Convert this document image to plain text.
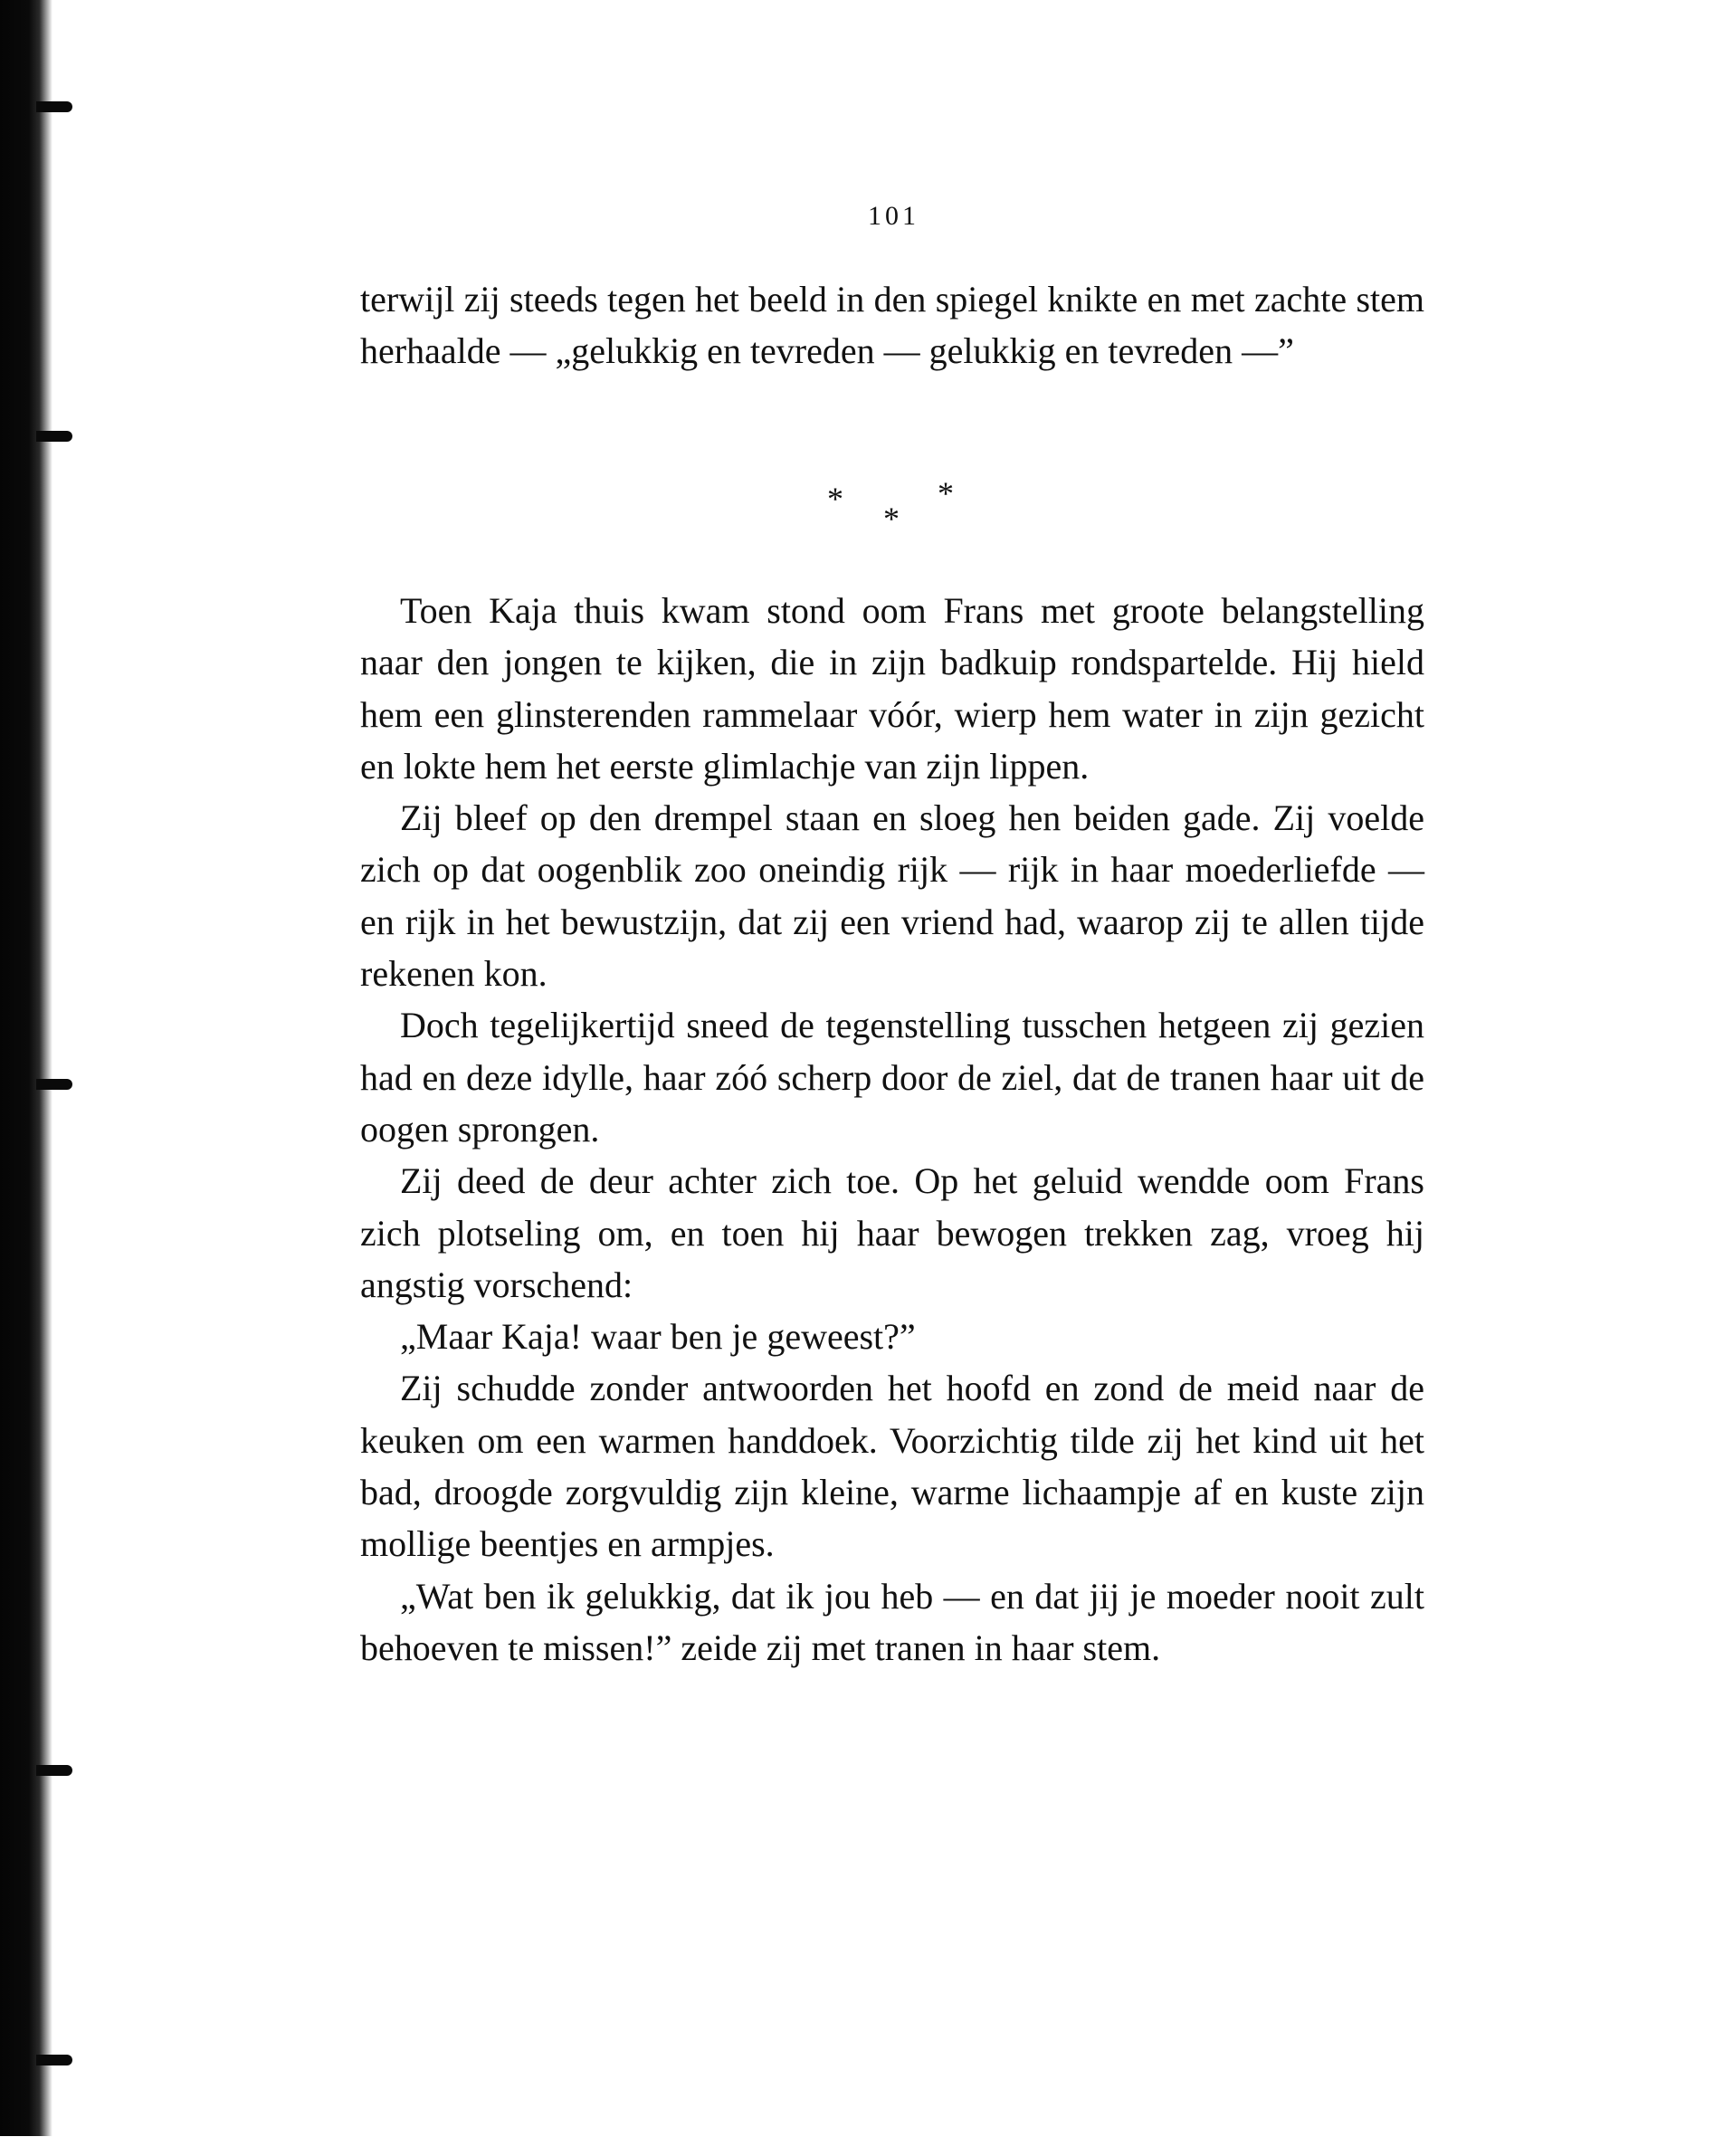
101

terwijl zij steeds tegen het beeld in den spiegel knikte en met zachte stem herhaalde — „gelukkig en tevreden — gelukkig en tevreden —”

*
*
*

Toen Kaja thuis kwam stond oom Frans met groote belangstelling naar den jongen te kijken, die in zijn badkuip rondspartelde. Hij hield hem een glinsterenden rammelaar vóór, wierp hem water in zijn gezicht en lokte hem het eerste glimlachje van zijn lippen.

Zij bleef op den drempel staan en sloeg hen beiden gade. Zij voelde zich op dat oogenblik zoo oneindig rijk — rijk in haar moederliefde — en rijk in het bewustzijn, dat zij een vriend had, waarop zij te allen tijde rekenen kon.

Doch tegelijkertijd sneed de tegenstelling tusschen hetgeen zij gezien had en deze idylle, haar zóó scherp door de ziel, dat de tranen haar uit de oogen sprongen.

Zij deed de deur achter zich toe. Op het geluid wendde oom Frans zich plotseling om, en toen hij haar bewogen trekken zag, vroeg hij angstig vorschend:

„Maar Kaja! waar ben je geweest?”

Zij schudde zonder antwoorden het hoofd en zond de meid naar de keuken om een warmen handdoek. Voorzichtig tilde zij het kind uit het bad, droogde zorgvuldig zijn kleine, warme lichaampje af en kuste zijn mollige beentjes en armpjes.

„Wat ben ik gelukkig, dat ik jou heb — en dat jij je moeder nooit zult behoeven te missen!” zeide zij met tranen in haar stem.
